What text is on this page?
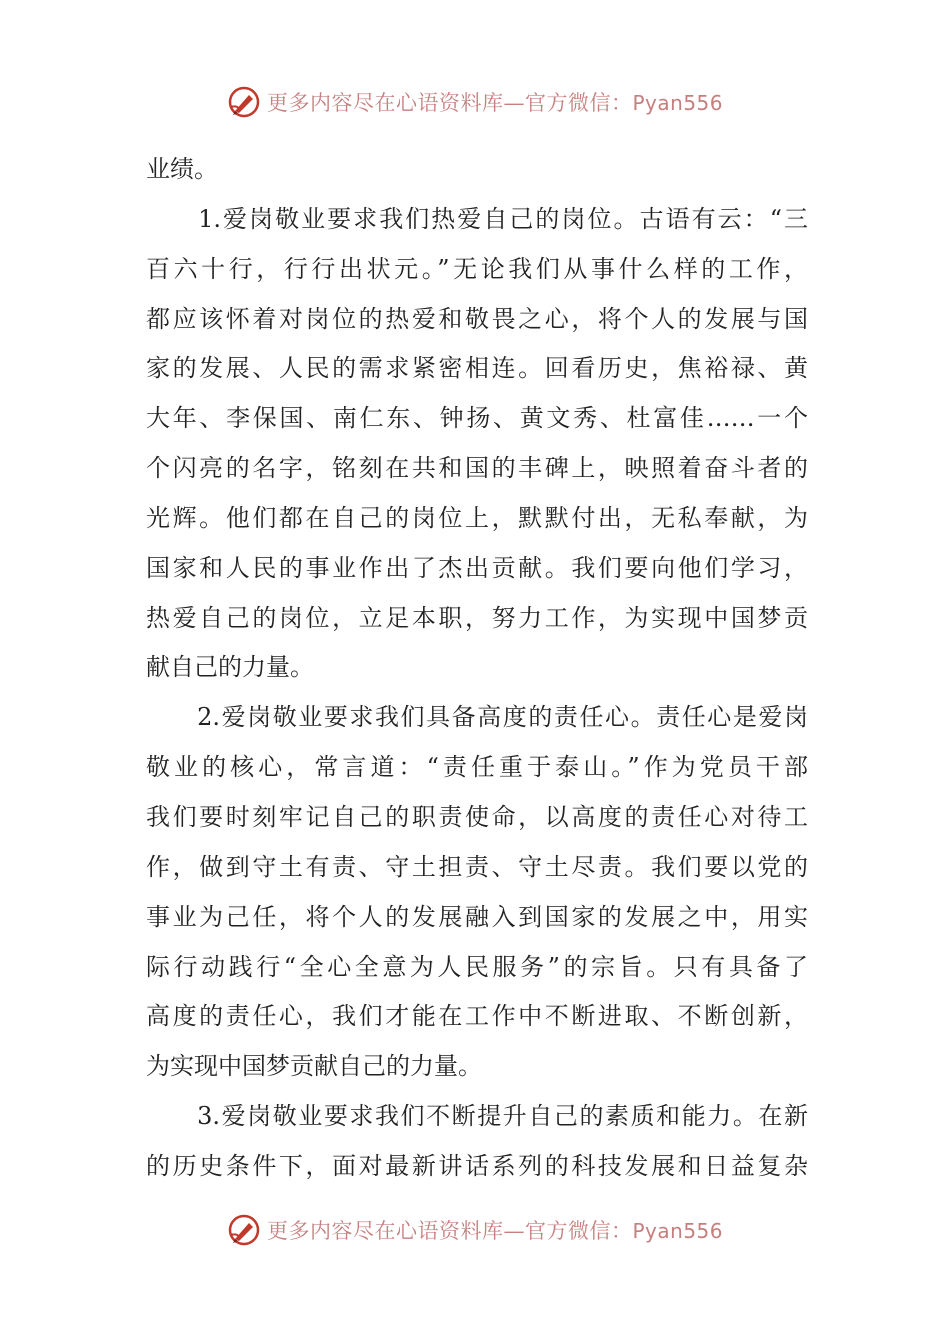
更多内容尽在心语资料库—官方微信：Pyan556
业绩。
　　1.爱岗敬业要求我们热爱自己的岗位。古语有云：“三
百六十行，行行出状元。”无论我们从事什么样的工作，
都应该怀着对岗位的热爱和敬畏之心，将个人的发展与国
家的发展、人民的需求紧密相连。回看历史，焦裕禄、黄
大年、李保国、南仁东、钟扬、黄文秀、杜富佳……一个
个闪亮的名字，铭刻在共和国的丰碑上，映照着奋斗者的
光辉。他们都在自己的岗位上，默默付出，无私奉献，为
国家和人民的事业作出了杰出贡献。我们要向他们学习，
热爱自己的岗位，立足本职，努力工作，为实现中国梦贡
献自己的力量。
　　2.爱岗敬业要求我们具备高度的责任心。责任心是爱岗
敬业的核心，常言道：“责任重于泰山。”作为党员干部
我们要时刻牢记自己的职责使命，以高度的责任心对待工
作，做到守土有责、守土担责、守土尽责。我们要以党的
事业为己任，将个人的发展融入到国家的发展之中，用实
际行动践行“全心全意为人民服务”的宗旨。只有具备了
高度的责任心，我们才能在工作中不断进取、不断创新，
为实现中国梦贡献自己的力量。
　　3.爱岗敬业要求我们不断提升自己的素质和能力。在新
的历史条件下，面对最新讲话系列的科技发展和日益复杂
更多内容尽在心语资料库—官方微信：Pyan556
